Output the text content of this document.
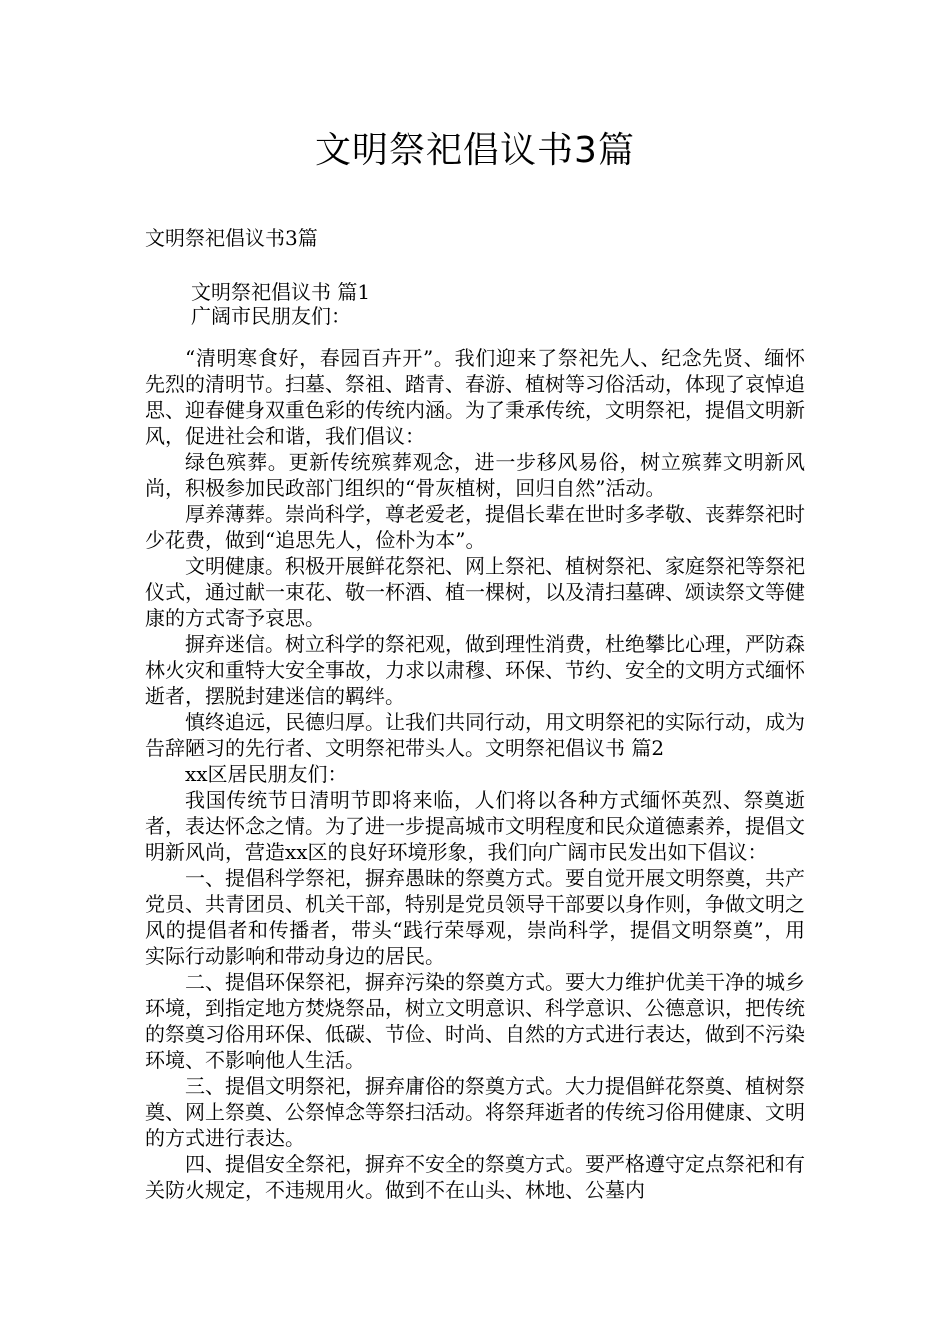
文明祭祀倡议书3篇
文明祭祀倡议书3篇
文明祭祀倡议书 篇1
广阔市民朋友们：

“清明寒食好，春园百卉开”。我们迎来了祭祀先人、纪念先贤、缅怀先烈的清明节。扫墓、祭祖、踏青、春游、植树等习俗活动，体现了哀悼追思、迎春健身双重色彩的传统内涵。为了秉承传统，文明祭祀，提倡文明新风，促进社会和谐，我们倡议：

绿色殡葬。更新传统殡葬观念，进一步移风易俗，树立殡葬文明新风尚，积极参加民政部门组织的“骨灰植树，回归自然”活动。

厚养薄葬。崇尚科学，尊老爱老，提倡长辈在世时多孝敬、丧葬祭祀时少花费，做到“追思先人，俭朴为本”。

文明健康。积极开展鲜花祭祀、网上祭祀、植树祭祀、家庭祭祀等祭祀仪式，通过献一束花、敬一杯酒、植一棵树，以及清扫墓碑、颂读祭文等健康的方式寄予哀思。

摒弃迷信。树立科学的祭祀观，做到理性消费，杜绝攀比心理，严防森林火灾和重特大安全事故，力求以肃穆、环保、节约、安全的文明方式缅怀逝者，摆脱封建迷信的羁绊。

慎终追远，民德归厚。让我们共同行动，用文明祭祀的实际行动，成为告辞陋习的先行者、文明祭祀带头人。文明祭祀倡议书 篇2

xx区居民朋友们：

我国传统节日清明节即将来临，人们将以各种方式缅怀英烈、祭奠逝者，表达怀念之情。为了进一步提高城市文明程度和民众道德素养，提倡文明新风尚，营造xx区的良好环境形象，我们向广阔市民发出如下倡议：

一、提倡科学祭祀，摒弃愚昧的祭奠方式。要自觉开展文明祭奠，共产党员、共青团员、机关干部，特别是党员领导干部要以身作则，争做文明之风的提倡者和传播者，带头“践行荣辱观，崇尚科学，提倡文明祭奠”，用实际行动影响和带动身边的居民。

二、提倡环保祭祀，摒弃污染的祭奠方式。要大力维护优美干净的城乡环境，到指定地方焚烧祭品，树立文明意识、科学意识、公德意识，把传统的祭奠习俗用环保、低碳、节俭、时尚、自然的方式进行表达，做到不污染环境、不影响他人生活。

三、提倡文明祭祀，摒弃庸俗的祭奠方式。大力提倡鲜花祭奠、植树祭奠、网上祭奠、公祭悼念等祭扫活动。将祭拜逝者的传统习俗用健康、文明的方式进行表达。

四、提倡安全祭祀，摒弃不安全的祭奠方式。要严格遵守定点祭祀和有关防火规定，不违规用火。做到不在山头、林地、公墓内
